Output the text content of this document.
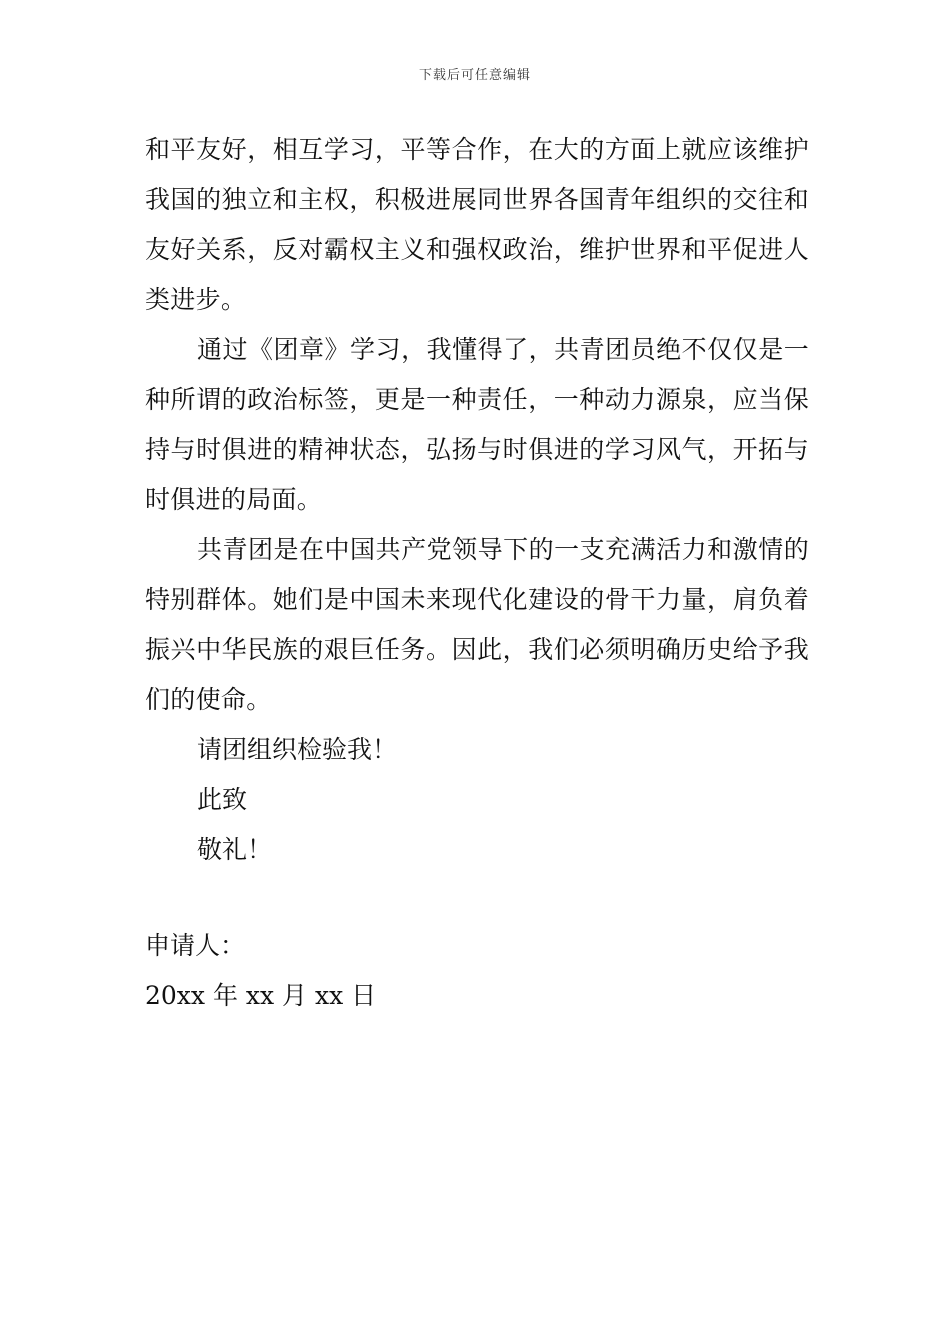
下载后可任意编辑

和平友好，相互学习，平等合作，在大的方面上就应该维护我国的独立和主权，积极进展同世界各国青年组织的交往和友好关系，反对霸权主义和强权政治，维护世界和平促进人类进步。

通过《团章》学习，我懂得了，共青团员绝不仅仅是一种所谓的政治标签，更是一种责任，一种动力源泉，应当保持与时俱进的精神状态，弘扬与时俱进的学习风气，开拓与时俱进的局面。

共青团是在中国共产党领导下的一支充满活力和激情的特别群体。她们是中国未来现代化建设的骨干力量，肩负着振兴中华民族的艰巨任务。因此，我们必须明确历史给予我们的使命。

请团组织检验我！

此致

敬礼！

申请人：

20xx 年 xx 月 xx 日
